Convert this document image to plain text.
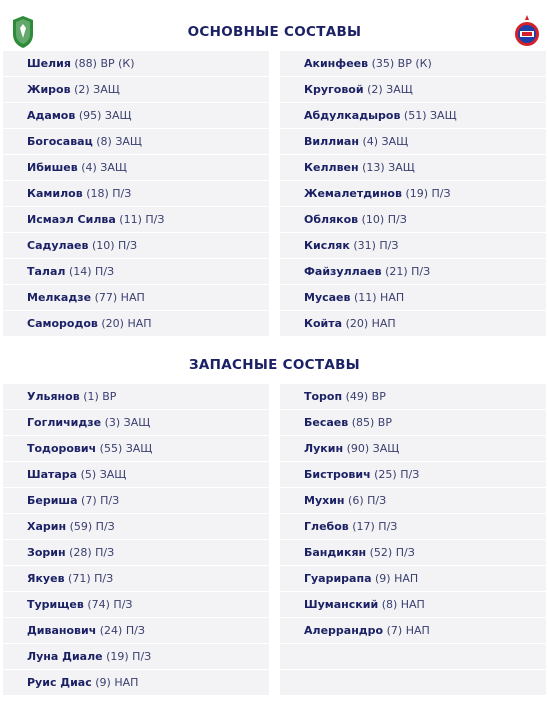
ОСНОВНЫЕ СОСТАВЫ
Шелия (88) ВР (К)
Жиров (2) ЗАЩ
Адамов (95) ЗАЩ
Богосавац (8) ЗАЩ
Ибишев (4) ЗАЩ
Камилов (18) П/З
Исмаэл Силва (11) П/З
Садулаев (10) П/З
Талал (14) П/З
Мелкадзе (77) НАП
Самородов (20) НАП
Акинфеев (35) ВР (К)
Круговой (2) ЗАЩ
Абдулкадыров (51) ЗАЩ
Виллиан (4) ЗАЩ
Келлвен (13) ЗАЩ
Жемалетдинов (19) П/З
Обляков (10) П/З
Кисляк (31) П/З
Файзуллаев (21) П/З
Мусаев (11) НАП
Койта (20) НАП
ЗАПАСНЫЕ СОСТАВЫ
Ульянов (1) ВР
Гогличидзе (3) ЗАЩ
Тодорович (55) ЗАЩ
Шатара (5) ЗАЩ
Бериша (7) П/З
Харин (59) П/З
Зорин (28) П/З
Якуев (71) П/З
Турищев (74) П/З
Диванович (24) П/З
Луна Диале (19) П/З
Руис Диас (9) НАП
Тороп (49) ВР
Бесаев (85) ВР
Лукин (90) ЗАЩ
Бистрович (25) П/З
Мухин (6) П/З
Глебов (17) П/З
Бандикян (52) П/З
Гуарирапа (9) НАП
Шуманский (8) НАП
Алеррандро (7) НАП
